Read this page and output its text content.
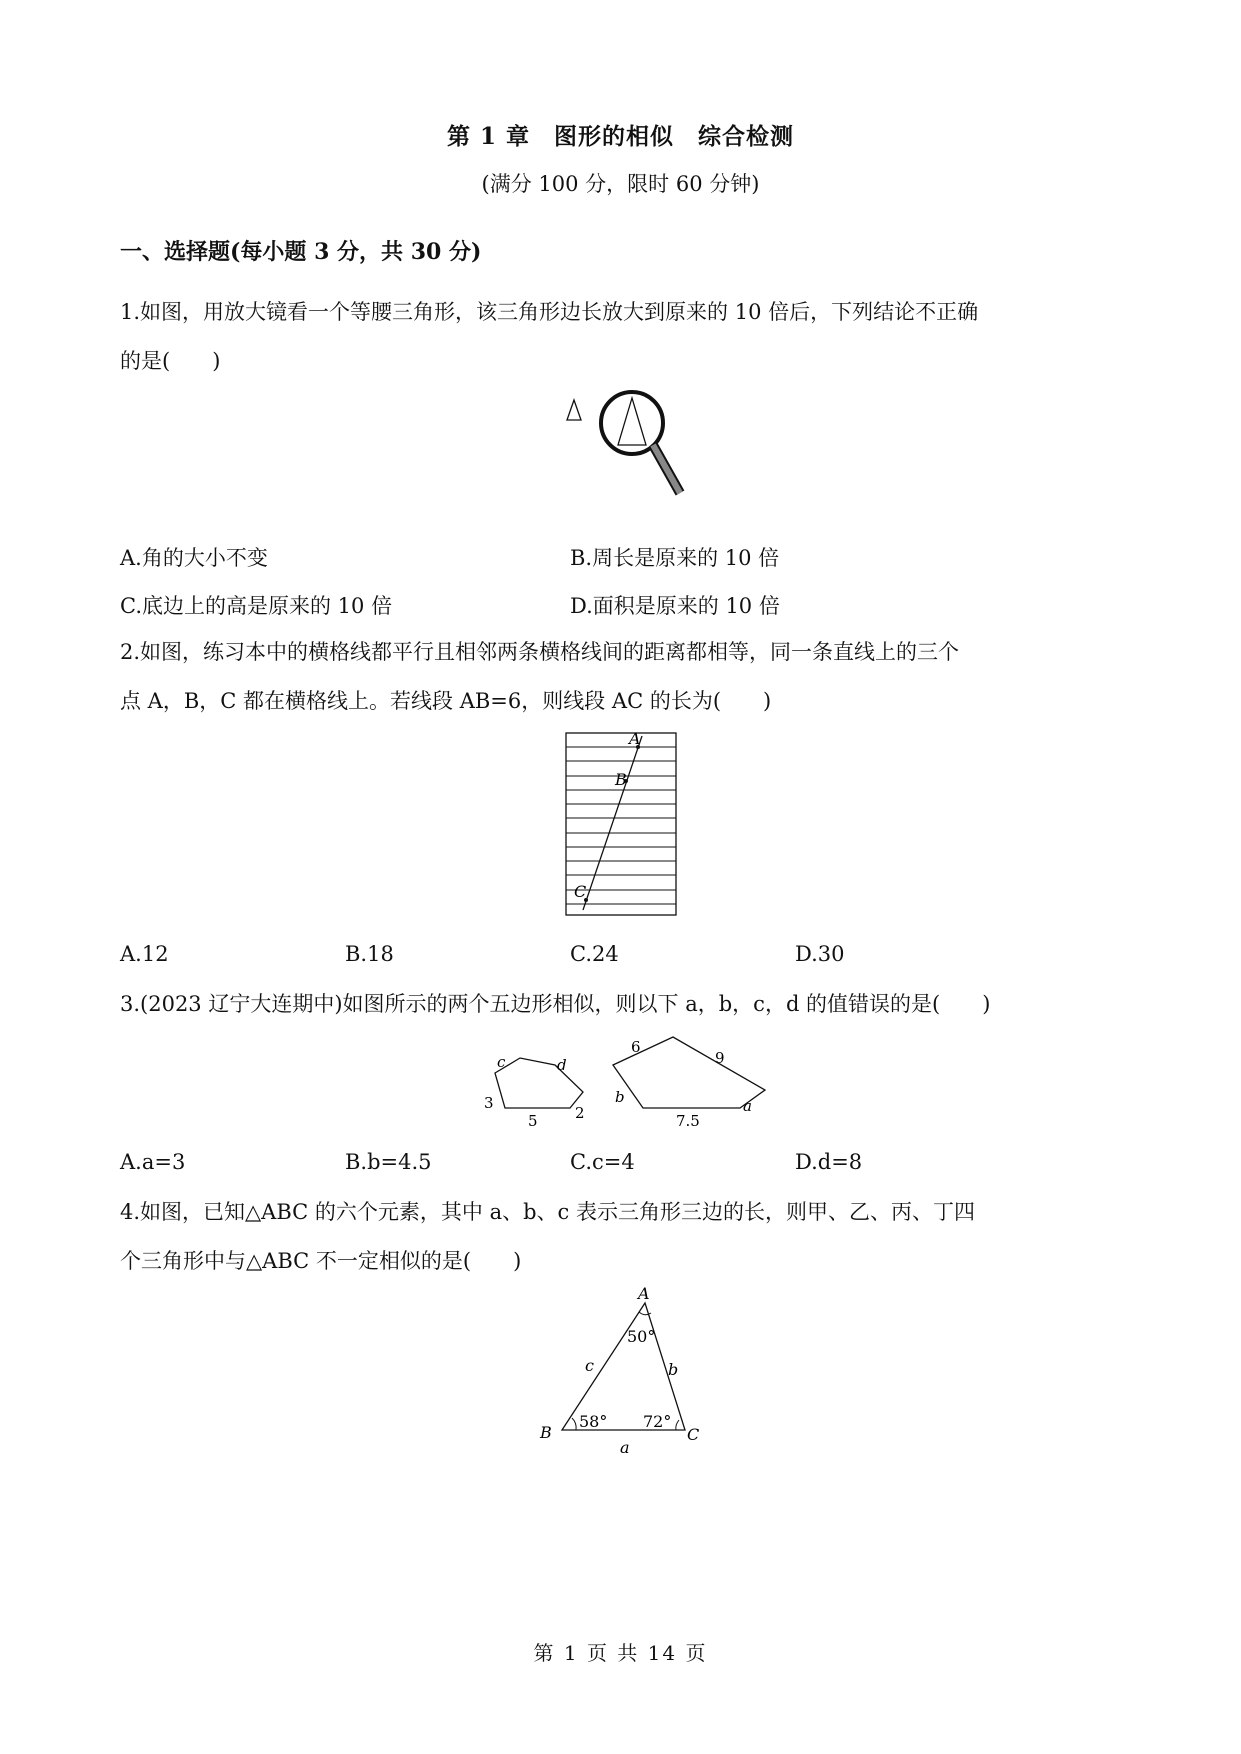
第 1 章　图形的相似　综合检测
(满分 100 分，限时 60 分钟)
一、选择题(每小题 3 分，共 30 分)
1.如图，用放大镜看一个等腰三角形，该三角形边长放大到原来的 10 倍后，下列结论不正确
的是(　　)
A.角的大小不变	B.周长是原来的 10 倍
C.底边上的高是原来的 10 倍	D.面积是原来的 10 倍
2.如图，练习本中的横格线都平行且相邻两条横格线间的距离都相等，同一条直线上的三个
点 A，B，C 都在横格线上。若线段 AB=6，则线段 AC 的长为(　　)
A
B
C
A.12	B.18	C.24	D.30
3.(2023 辽宁大连期中)如图所示的两个五边形相似，则以下 a，b，c，d 的值错误的是(　　)
c	d
3
5 2
6
9
b
7.5
a
A.a=3	B.b=4.5	C.c=4	D.d=8
4.如图，已知△ABC 的六个元素，其中 a、b、c 表示三角形三边的长，则甲、乙、丙、丁四
个三角形中与△ABC 不一定相似的是(　　)
A
B	C
a
b
c
50°
58° 72°
第 1 页 共 14 页
